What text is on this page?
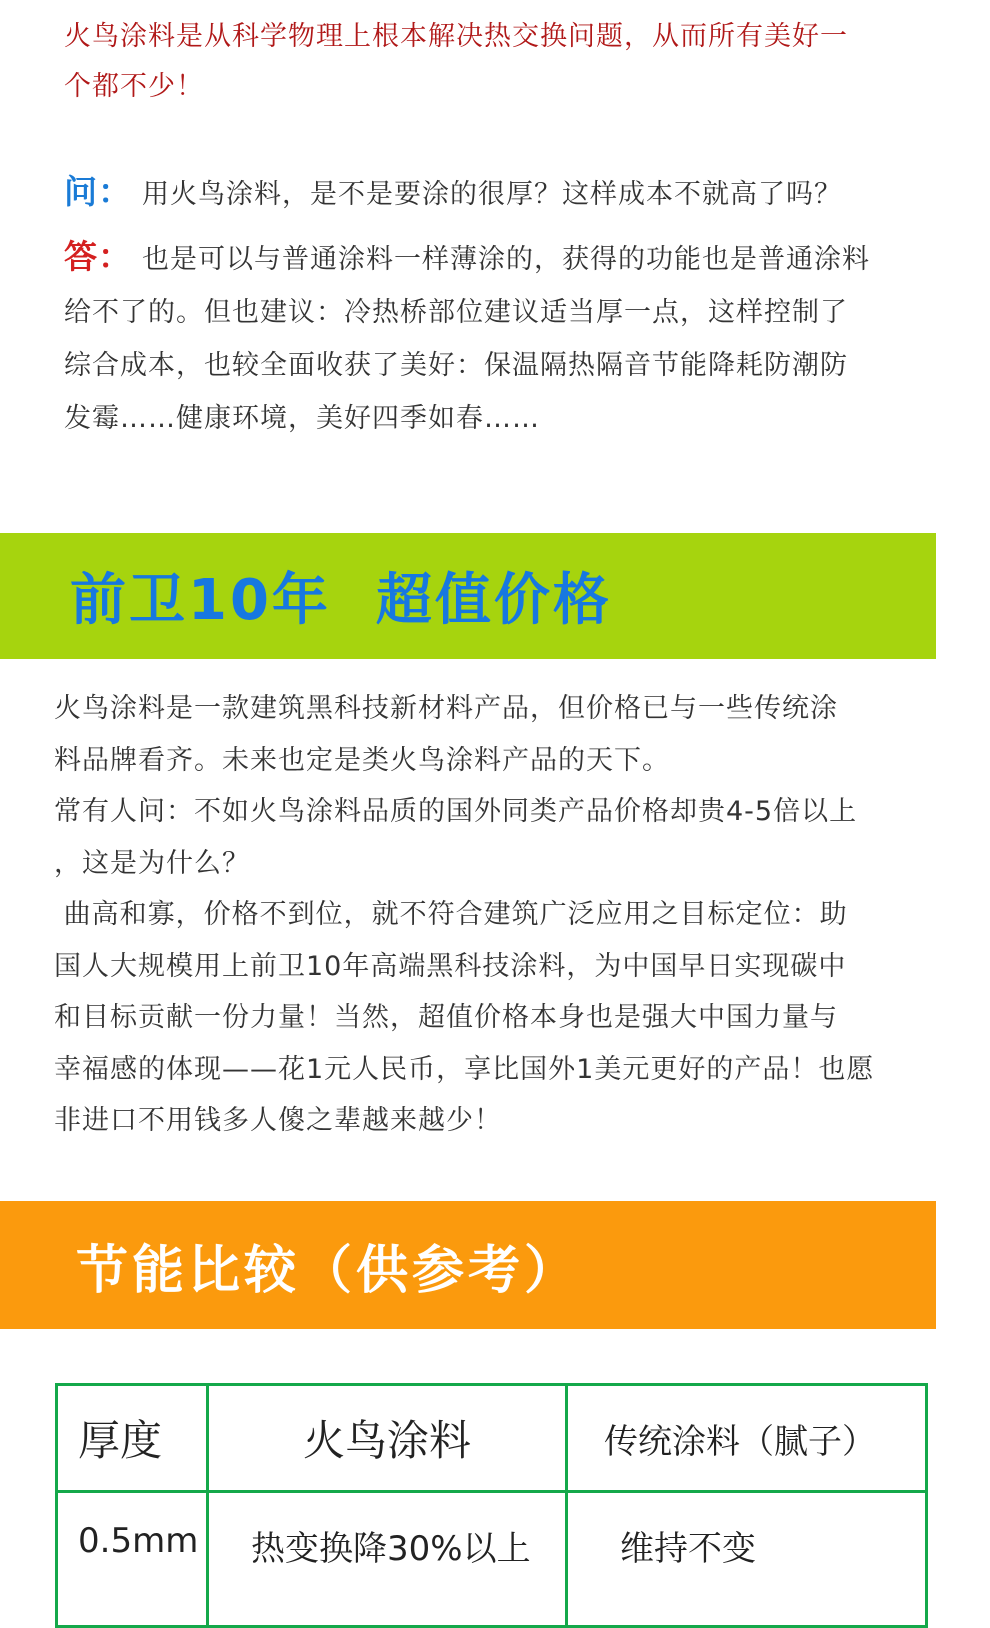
火鸟涂料是从科学物理上根本解决热交换问题，从而所有美好一
个都不少！
问： 用火鸟涂料，是不是要涂的很厚？这样成本不就高了吗？
答： 也是可以与普通涂料一样薄涂的，获得的功能也是普通涂料
给不了的。但也建议：冷热桥部位建议适当厚一点，这样控制了
综合成本，也较全面收获了美好：保温隔热隔音节能降耗防潮防
发霉……健康环境，美好四季如春……
前卫10年  超值价格

火鸟涂料是一款建筑黑科技新材料产品，但价格已与一些传统涂

料品牌看齐。未来也定是类火鸟涂料产品的天下。

常有人问：不如火鸟涂料品质的国外同类产品价格却贵4-5倍以上

，这是为什么？

曲高和寡，价格不到位，就不符合建筑广泛应用之目标定位：助

国人大规模用上前卫10年高端黑科技涂料，为中国早日实现碳中

和目标贡献一份力量！当然，超值价格本身也是强大中国力量与

幸福感的体现——花1元人民币，享比国外1美元更好的产品！也愿

非进口不用钱多人傻之辈越来越少！

节能比较（供参考）
厚度	火鸟涂料	传统涂料（腻子）
0.5mm	热变换降30%以上	维持不变
